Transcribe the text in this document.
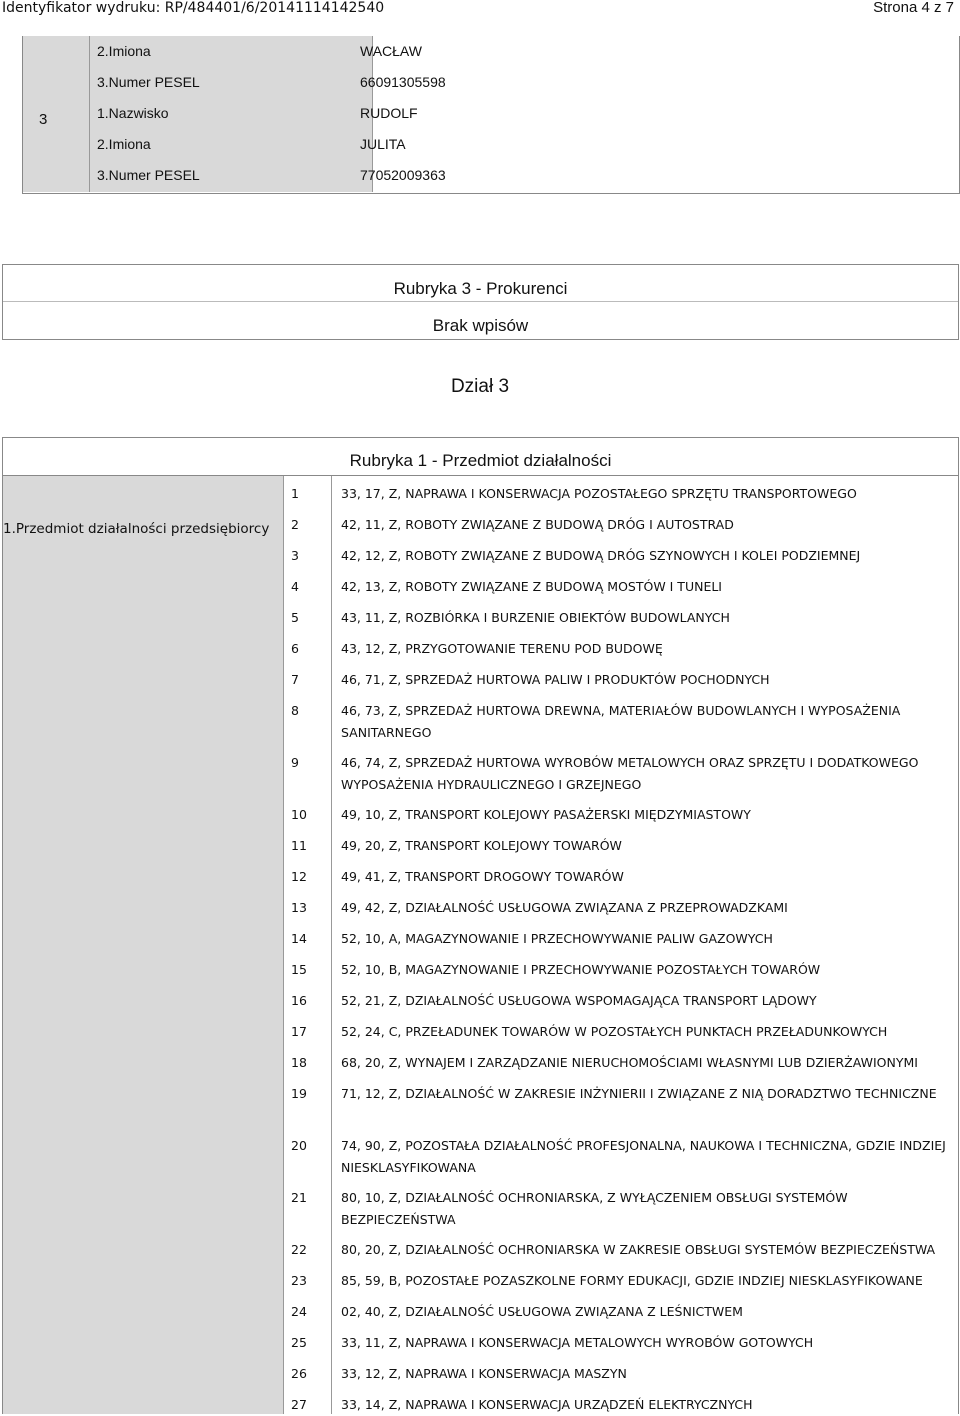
Identyfikator wydruku: RP/484401/6/20141114142540	Strona 4 z 7
3
2.Imiona	WACŁAW
3.Numer PESEL	66091305598
1.Nazwisko	RUDOLF
2.Imiona	JULITA
3.Numer PESEL	77052009363
Rubryka 3 - Prokurenci
Brak wpisów
Dział 3
Rubryka 1 - Przedmiot działalności
1.Przedmiot działalności przedsiębiorcy
1	33, 17, Z, NAPRAWA I KONSERWACJA POZOSTAŁEGO SPRZĘTU TRANSPORTOWEGO
2	42, 11, Z, ROBOTY ZWIĄZANE Z BUDOWĄ DRÓG I AUTOSTRAD
3	42, 12, Z, ROBOTY ZWIĄZANE Z BUDOWĄ DRÓG SZYNOWYCH I KOLEI PODZIEMNEJ
4	42, 13, Z, ROBOTY ZWIĄZANE Z BUDOWĄ MOSTÓW I TUNELI
5	43, 11, Z, ROZBIÓRKA I BURZENIE OBIEKTÓW BUDOWLANYCH
6	43, 12, Z, PRZYGOTOWANIE TERENU POD BUDOWĘ
7	46, 71, Z, SPRZEDAŻ HURTOWA PALIW I PRODUKTÓW POCHODNYCH
8	46, 73, Z, SPRZEDAŻ HURTOWA DREWNA, MATERIAŁÓW BUDOWLANYCH I WYPOSAŻENIA SANITARNEGO
9	46, 74, Z, SPRZEDAŻ HURTOWA WYROBÓW METALOWYCH ORAZ SPRZĘTU I DODATKOWEGO WYPOSAŻENIA HYDRAULICZNEGO I GRZEJNEGO
10	49, 10, Z, TRANSPORT KOLEJOWY PASAŻERSKI MIĘDZYMIASTOWY
11	49, 20, Z, TRANSPORT KOLEJOWY TOWARÓW
12	49, 41, Z, TRANSPORT DROGOWY TOWARÓW
13	49, 42, Z, DZIAŁALNOŚĆ USŁUGOWA ZWIĄZANA Z PRZEPROWADZKAMI
14	52, 10, A, MAGAZYNOWANIE I PRZECHOWYWANIE PALIW GAZOWYCH
15	52, 10, B, MAGAZYNOWANIE I PRZECHOWYWANIE POZOSTAŁYCH TOWARÓW
16	52, 21, Z, DZIAŁALNOŚĆ USŁUGOWA WSPOMAGAJĄCA TRANSPORT LĄDOWY
17	52, 24, C, PRZEŁADUNEK TOWARÓW W POZOSTAŁYCH PUNKTACH PRZEŁADUNKOWYCH
18	68, 20, Z, WYNAJEM I ZARZĄDZANIE NIERUCHOMOŚCIAMI WŁASNYMI LUB DZIERŻAWIONYMI
19	71, 12, Z, DZIAŁALNOŚĆ W ZAKRESIE INŻYNIERII I ZWIĄZANE Z NIĄ DORADZTWO TECHNICZNE
20	74, 90, Z, POZOSTAŁA DZIAŁALNOŚĆ PROFESJONALNA, NAUKOWA I TECHNICZNA, GDZIE INDZIEJ NIESKLASYFIKOWANA
21	80, 10, Z, DZIAŁALNOŚĆ OCHRONIARSKA, Z WYŁĄCZENIEM OBSŁUGI SYSTEMÓW BEZPIECZEŃSTWA
22	80, 20, Z, DZIAŁALNOŚĆ OCHRONIARSKA W ZAKRESIE OBSŁUGI SYSTEMÓW BEZPIECZEŃSTWA
23	85, 59, B, POZOSTAŁE POZASZKOLNE FORMY EDUKACJI, GDZIE INDZIEJ NIESKLASYFIKOWANE
24	02, 40, Z, DZIAŁALNOŚĆ USŁUGOWA ZWIĄZANA Z LEŚNICTWEM
25	33, 11, Z, NAPRAWA I KONSERWACJA METALOWYCH WYROBÓW GOTOWYCH
26	33, 12, Z, NAPRAWA I KONSERWACJA MASZYN
27	33, 14, Z, NAPRAWA I KONSERWACJA URZĄDZEŃ ELEKTRYCZNYCH
